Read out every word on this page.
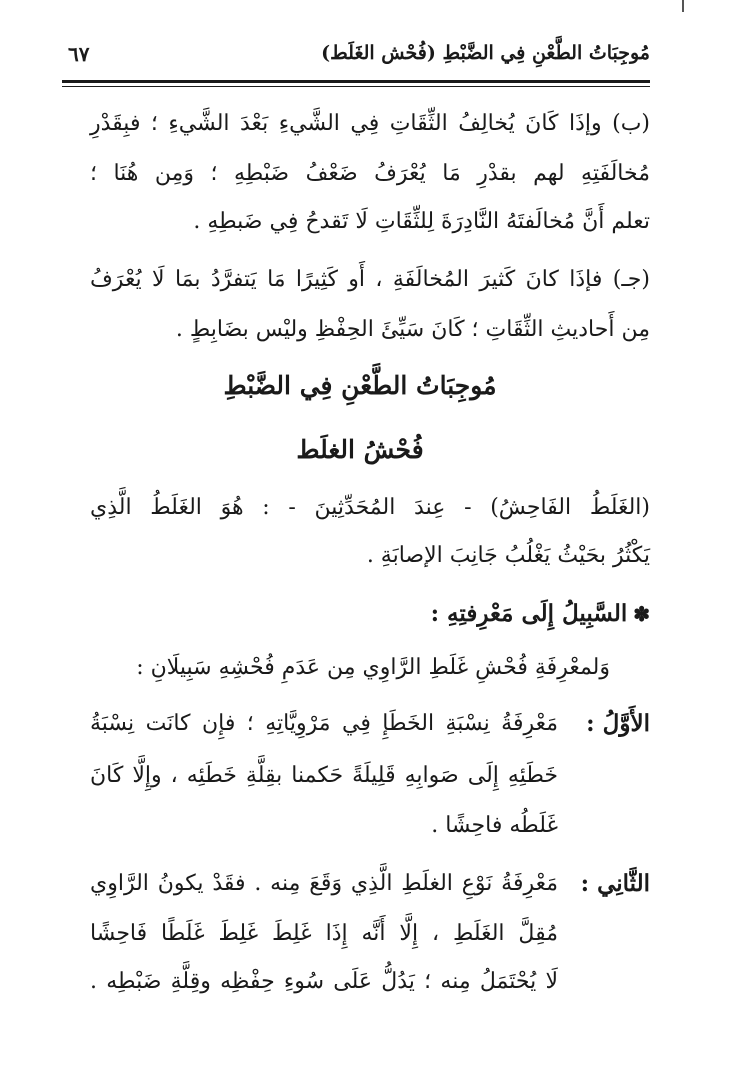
مُوجِبَاتُ الطَّعْنِ فِي الضَّبْطِ (فُحْش الغَلَط)
٦٧
(ب) وإذَا كَانَ يُخالِفُ الثِّقَاتِ فِي الشَّيءِ بَعْدَ الشَّيءِ ؛ فبِقَدْرِ
مُخالَفَتِهِ لهم بقدْرِ مَا يُعْرَفُ ضَعْفُ ضَبْطِهِ ؛ وَمِن هُنَا ؛
تعلم أَنَّ مُخالَفتَهُ النَّادِرَةَ لِلثِّقَاتِ لَا تَقدحُ فِي ضَبطِهِ .
(جـ) فإذَا كانَ كَثيرَ المُخالَفَةِ ، أَو كَثِيرًا مَا يَتفرَّدُ بمَا لَا يُعْرَفُ
مِن أَحاديثِ الثِّقَاتِ ؛ كَانَ سَيِّئَ الحِفْظِ وليْس بضَابِطٍ .
مُوجِبَاتُ الطَّعْنِ فِي الضَّبْطِ
فُحْشُ الغلَط
(الغَلَطُ الفَاحِشُ) - عِندَ المُحَدِّثِينَ - : هُوَ الغَلَطُ الَّذِي
يَكْثُرُ بحَيْثُ يَغْلُبُ جَانِبَ الإصابَةِ .
✽السَّبِيلُ إِلَى مَعْرِفتِهِ :
وَلمعْرِفَةِ فُحْشِ غَلَطِ الرَّاوِي مِن عَدَمِ فُحْشِهِ سَبِيلَانِ :
الأَوَّلُ :
مَعْرِفَةُ نِسْبَةِ الخَطَإِ فِي مَرْوِيَّاتِهِ ؛ فإِن كانَت نِسْبَةُ
خَطَئِهِ إِلَى صَوابِهِ قَلِيلَةً حَكمنا بقِلَّةِ خَطَئِه ، وإِلَّا كَانَ
غَلَطُه فاحِشًا .
الثَّانِي :
مَعْرِفَةُ نَوْعِ الغلَطِ الَّذِي وَقَعَ مِنه . فقَدْ يكونُ الرَّاوِي
مُقِلَّ الغَلَطِ ، إِلَّا أَنَّه إِذَا غَلِطَ غَلِطَ غَلَطًا فَاحِشًا
لَا يُحْتَمَلُ مِنه ؛ يَدُلُّ عَلَى سُوءِ حِفْظِه وقِلَّةِ ضَبْطِه .
